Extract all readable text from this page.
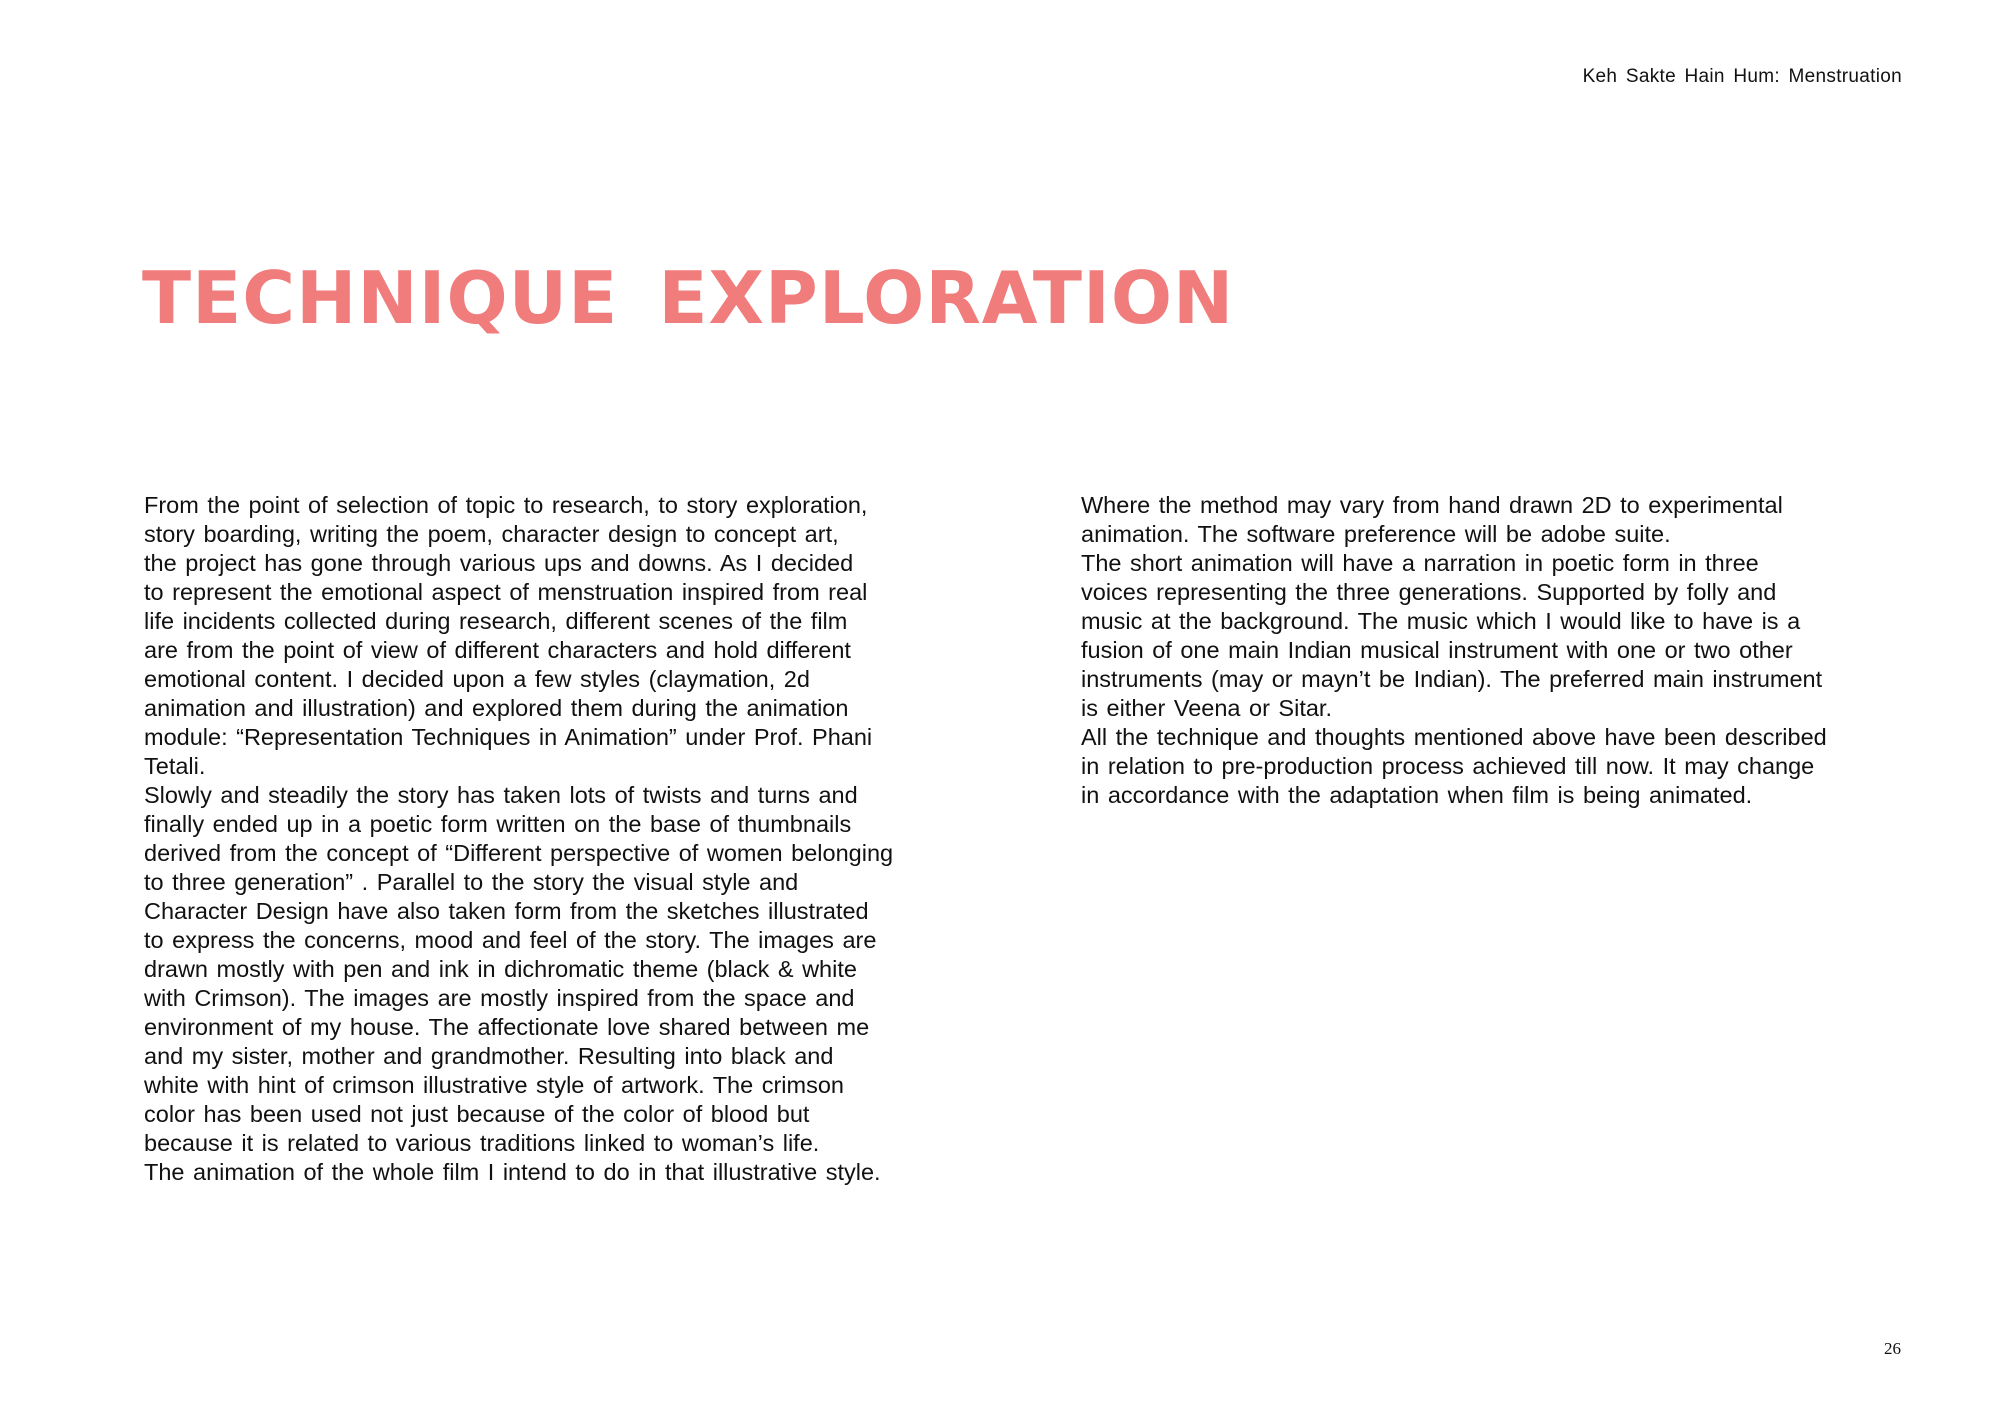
Keh Sakte Hain Hum: Menstruation
TECHNIQUE EXPLORATION
From the point of selection of topic to research, to story exploration,
story boarding, writing the poem, character design to concept art,
the project has gone through various ups and downs. As I decided
to represent the emotional aspect of menstruation inspired from real
life incidents collected during research, different scenes of the film
are from the point of view of different characters and hold different
emotional content. I decided upon a few styles (claymation, 2d
animation and illustration) and explored them during the animation
module: “Representation Techniques in Animation” under Prof. Phani
Tetali.
Slowly and steadily the story has taken lots of twists and turns and
finally ended up in a poetic form written on the base of thumbnails
derived from the concept of “Different perspective of women belonging
to three generation” . Parallel to the story the visual style and
Character Design have also taken form from the sketches illustrated
to express the concerns, mood and feel of the story. The images are
drawn mostly with pen and ink in dichromatic theme (black & white
with Crimson). The images are mostly inspired from the space and
environment of my house. The affectionate love shared between me
and my sister, mother and grandmother. Resulting into black and
white with hint of crimson illustrative style of artwork. The crimson
color has been used not just because of the color of blood but
because it is related to various traditions linked to woman’s life.
The animation of the whole film I intend to do in that illustrative style.
Where the method may vary from hand drawn 2D to experimental
animation. The software preference will be adobe suite.
The short animation will have a narration in poetic form in three
voices representing the three generations. Supported by folly and
music at the background. The music which I would like to have is a
fusion of one main Indian musical instrument with one or two other
instruments (may or mayn’t be Indian). The preferred main instrument
is either Veena or Sitar.
All the technique and thoughts mentioned above have been described
in relation to pre-production process achieved till now. It may change
in accordance with the adaptation when film is being animated.
26
